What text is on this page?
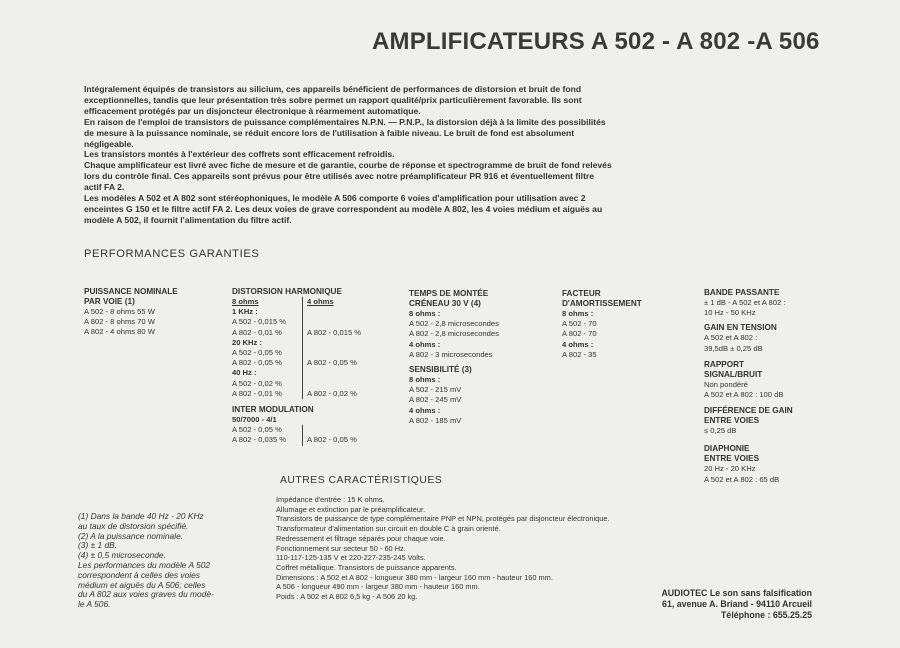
AMPLIFICATEURS A 502 - A 802 -A 506

Intégralement équipés de transistors au silicium, ces appareils bénéficient de performances de distorsion et bruit de fond exceptionnelles, tandis que leur présentation très sobre permet un rapport qualité/prix particulièrement favorable. Ils sont efficacement protégés par un disjoncteur électronique à réarmement automatique.

En raison de l'emploi de transistors de puissance complémentaires N.P.N. — P.N.P., la distorsion déjà à la limite des possibilités de mesure à la puissance nominale, se réduit encore lors de l'utilisation à faible niveau. Le bruit de fond est absolument négligeable.

Les transistors montés à l'extérieur des coffrets sont efficacement refroidis.

Chaque amplificateur est livré avec fiche de mesure et de garantie, courbe de réponse et spectrogramme de bruit de fond relevés lors du contrôle final. Ces appareils sont prévus pour être utilisés avec notre préamplificateur PR 916 et éventuellement filtre actif FA 2.

Les modèles A 502 et A 802 sont stéréophoniques, le modèle A 506 comporte 6 voies d'amplification pour utilisation avec 2 enceintes G 150 et le filtre actif FA 2. Les deux voies de grave correspondent au modèle A 802, les 4 voies médium et aiguës au modèle A 502, il fournit l'alimentation du filtre actif.

PERFORMANCES GARANTIES
PUISSANCE NOMINALE
PAR VOIE (1)
A 502 - 8 ohms 55 W
A 802 - 8 ohms 70 W
A 802 - 4 ohms 80 W
DISTORSION HARMONIQUE
8 ohms	4 ohms
1 KHz :
A 502 - 0,015 %
A 802 - 0,01 %
20 KHz :
A 502 - 0,05 %
A 802 - 0,05 %
40 Hz :
A 502 - 0,02 %
A 802 - 0,01 %

A 802 - 0,015 %

A 802 - 0,05 %

A 802 - 0,02 %
INTER MODULATION
50/7000 - 4/1
A 502 - 0,05 %
A 802 - 0,035 %
	A 802 - 0,05 %
TEMPS DE MONTÉE
CRÉNEAU 30 V (4)
8 ohms :
A 502 - 2,8 microsecondes
A 802 - 2,8 microsecondes
4 ohms :
A 802 - 3 microsecondes
SENSIBILITÉ (3)
8 ohms :
A 502 - 215 mV
A 802 - 245 mV
4 ohms :
A 802 - 185 mV
FACTEUR
D'AMORTISSEMENT
8 ohms :
A 502 - 70
A 802 - 70
4 ohms :
A 802 - 35
BANDE PASSANTE
± 1 dB - A 502 et A 802 :
10 Hz - 50 KHz
GAIN EN TENSION
A 502 et A 802 :
39,5dB ± 0,25 dB
RAPPORT
SIGNAL/BRUIT
Non pondéré
A 502 et A 802 : 100 dB
DIFFÉRENCE DE GAIN
ENTRE VOIES
≤ 0,25 dB
DIAPHONIE
ENTRE VOIES
20 Hz - 20 KHz
A 502 et A 802 : 65 dB
AUTRES CARACTÉRISTIQUES
Impédance d'entrée : 15 K ohms.
Allumage et extinction par le préamplificateur.
Transistors de puissance de type complémentaire PNP et NPN, protégés par disjoncteur électronique.
Transformateur d'alimentation sur circuit en double C à grain orienté.
Redressement et filtrage séparés pour chaque voie.
Fonctionnement sur secteur 50 - 60 Hz.
110-117-125-135 V et 220-227-235-245 Volts.
Coffret métallique. Transistors de puissance apparents.
Dimensions : A 502 et A 802 - longueur 380 mm - largeur 160 mm - hauteur 160 mm.
A 506 - longueur 490 mm - largeur 380 mm - hauteur 160 mm.
Poids : A 502 et A 802 6,5 kg - A 506 20 kg.
(1) Dans la bande 40 Hz - 20 KHz
au taux de distorsion spécifié.
(2) A la puissance nominale.
(3) ± 1 dB.
(4) ± 0,5 microseconde.
Les performances du modèle A 502
correspondent à celles des voies
médium et aiguës du A 506; celles
du A 802 aux voies graves du modè-
le A 506.
AUDIOTEC Le son sans falsification
61, avenue A. Briand - 94110 Arcueil
Téléphone : 655.25.25
